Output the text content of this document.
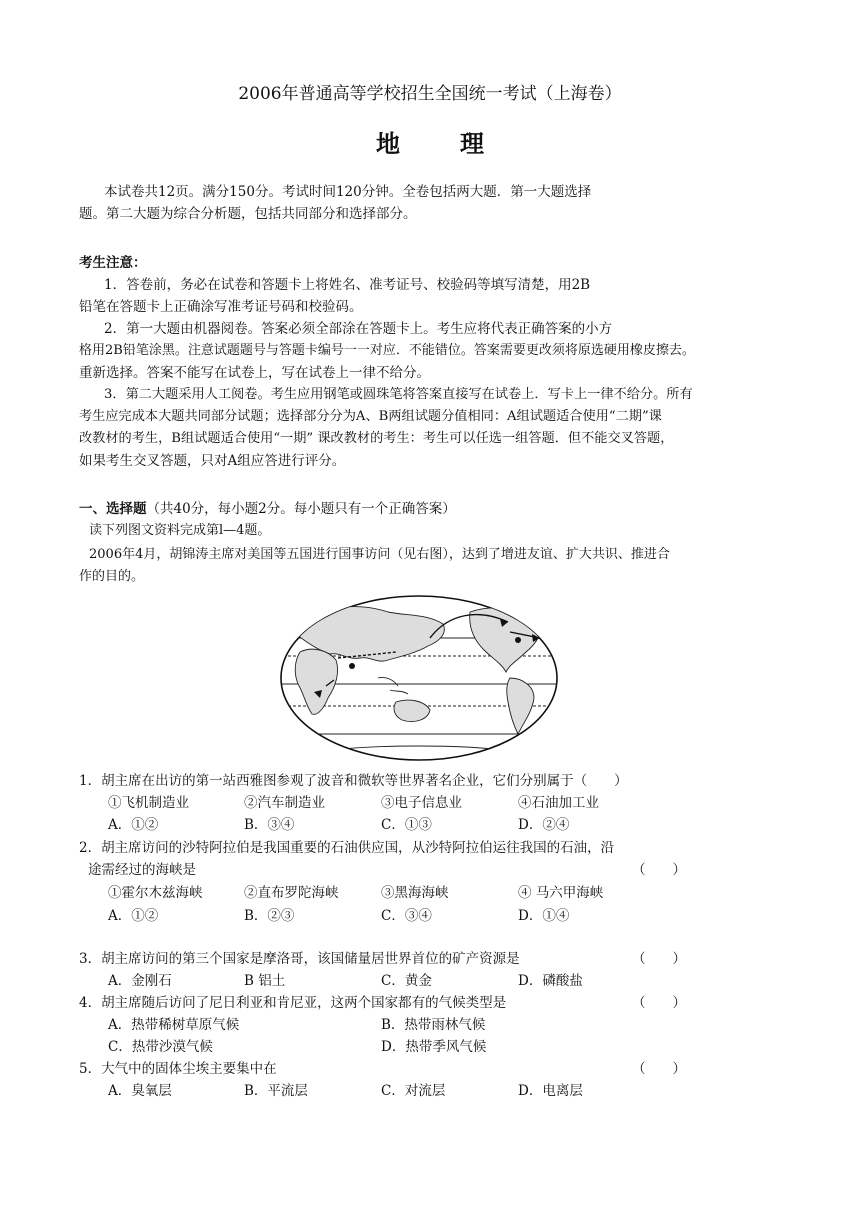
2006年普通高等学校招生全国统一考试（上海卷）
地理
本试卷共12页。满分150分。考试时间120分钟。全卷包括两大题．第一大题选择
题。第二大题为综合分析题，包括共同部分和选择部分。
考生注意：
1．答卷前，务必在试卷和答题卡上将姓名、准考证号、校验码等填写清楚，用2B
铅笔在答题卡上正确涂写准考证号码和校验码。
2．第一大题由机器阅卷。答案必须全部涂在答题卡上。考生应将代表正确答案的小方
格用2B铅笔涂黑。注意试题题号与答题卡编号一一对应．不能错位。答案需要更改须将原选硬用橡皮擦去。
重新选择。答案不能写在试卷上，写在试卷上一律不给分。
3．第二大题采用人工阅卷。考生应用钢笔或圆珠笔将答案直接写在试卷上．写卡上一律不给分。所有
考生应完成本大题共同部分试题；选择部分分为A、B两组试题分值相同：A组试题适合使用“二期”课
改教材的考生，B组试题适合使用“一期” 课改教材的考生：考生可以任选一组答题．但不能交叉答题，
如果考生交叉答题，只对A组应答进行评分。
一、选择题（共40分，每小题2分。每小题只有一个正确答案）
读下列图文资料完成第l—4题。
2006年4月，胡锦涛主席对美国等五国进行国事访问（见右图），达到了增进友谊、扩大共识、推进合
作的目的。
1．胡主席在出访的第一站西雅图参观了波音和微软等世界著名企业，它们分别属于（　　）
①飞机制造业	②汽车制造业	③电子信息业	④石油加工业
A．①②	B．③④	C．①③	D．②④
2．胡主席访问的沙特阿拉伯是我国重要的石油供应国，从沙特阿拉伯运往我国的石油，沿
途需经过的海峡是	（　　）
①霍尔木兹海峡	②直布罗陀海峡	③黑海海峡	④ 马六甲海峡
A．①②	B．②③	C．③④	D．①④
3．胡主席访问的第三个国家是摩洛哥，该国储量居世界首位的矿产资源是	（　　）
A．金刚石	B 铝土	C．黄金	D．磷酸盐
4．胡主席随后访问了尼日利亚和肯尼亚，这两个国家都有的气候类型是	（　　）
A．热带稀树草原气候	B．热带雨林气候
C．热带沙漠气候	D．热带季风气候
5．大气中的固体尘埃主要集中在	（　　）
A．臭氧层	B．平流层	C．对流层	D．电离层
